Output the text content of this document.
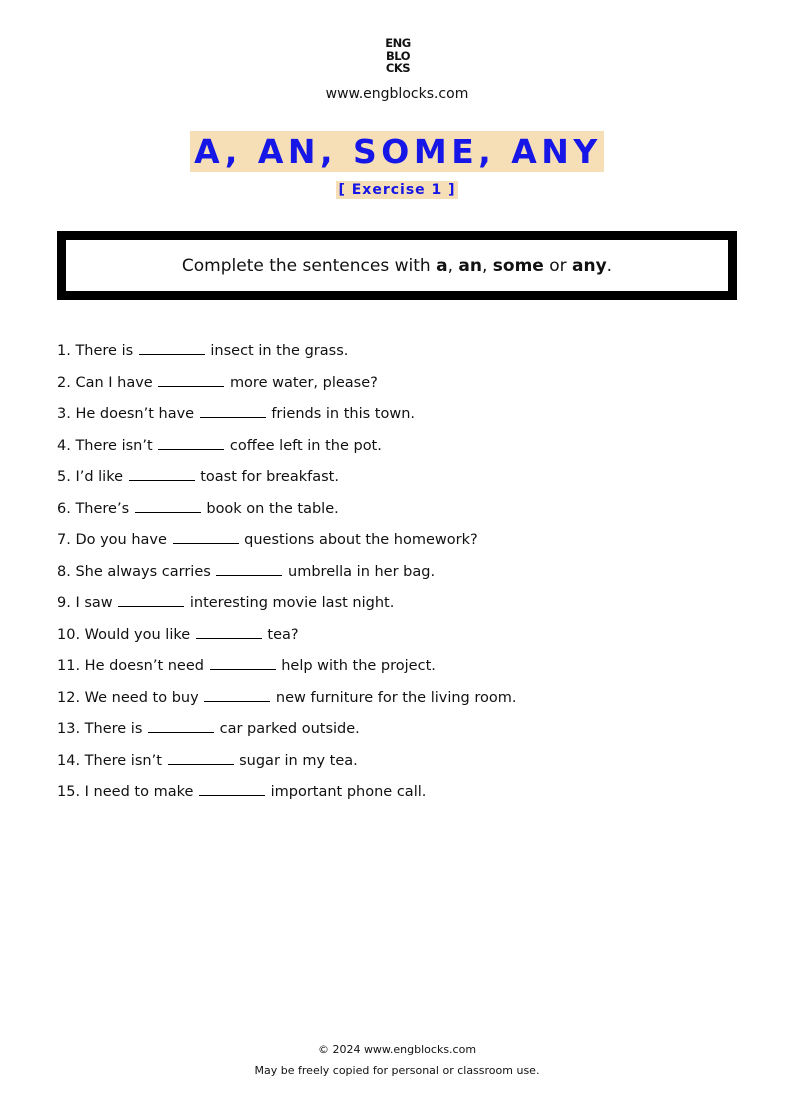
ENG
BLO
CKS
www.engblocks.com
A, AN, SOME, ANY
[ Exercise 1 ]
Complete the sentences with a, an, some or any.
1. There is	insect in the grass.
2. Can I have	more water, please?
3. He doesn’t have	friends in this town.
4. There isn’t	coffee left in the pot.
5. I’d like	toast for breakfast.
6. There’s	book on the table.
7. Do you have	questions about the homework?
8. She always carries	umbrella in her bag.
9. I saw	interesting movie last night.
10. Would you like	tea?
11. He doesn’t need	help with the project.
12. We need to buy	new furniture for the living room.
13. There is	car parked outside.
14. There isn’t	sugar in my tea.
15. I need to make	important phone call.
© 2024 www.engblocks.com
May be freely copied for personal or classroom use.
